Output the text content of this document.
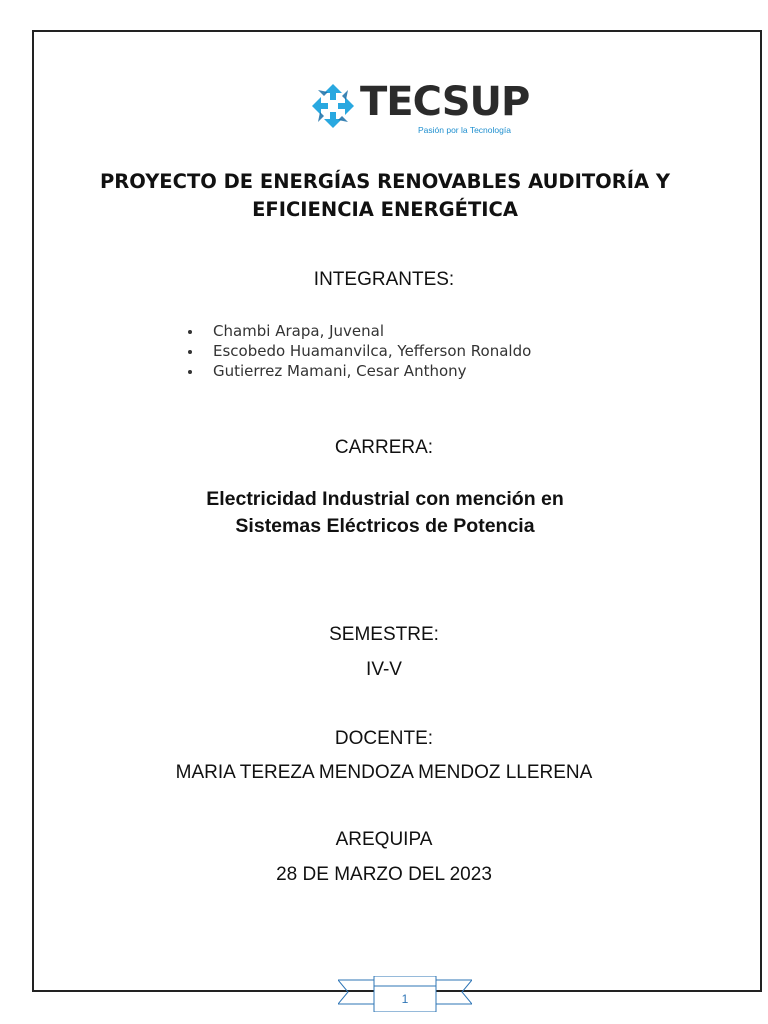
TECSUP
Pasión por la Tecnología
PROYECTO DE ENERGÍAS RENOVABLES AUDITORÍA Y
EFICIENCIA ENERGÉTICA
INTEGRANTES:
Chambi Arapa, Juvenal
Escobedo Huamanvilca, Yefferson Ronaldo
Gutierrez Mamani, Cesar Anthony
CARRERA:
Electricidad Industrial con mención en
Sistemas Eléctricos de Potencia
SEMESTRE:
IV-V
DOCENTE:
MARIA TEREZA MENDOZA MENDOZ LLERENA
AREQUIPA
28 DE MARZO DEL 2023
1
